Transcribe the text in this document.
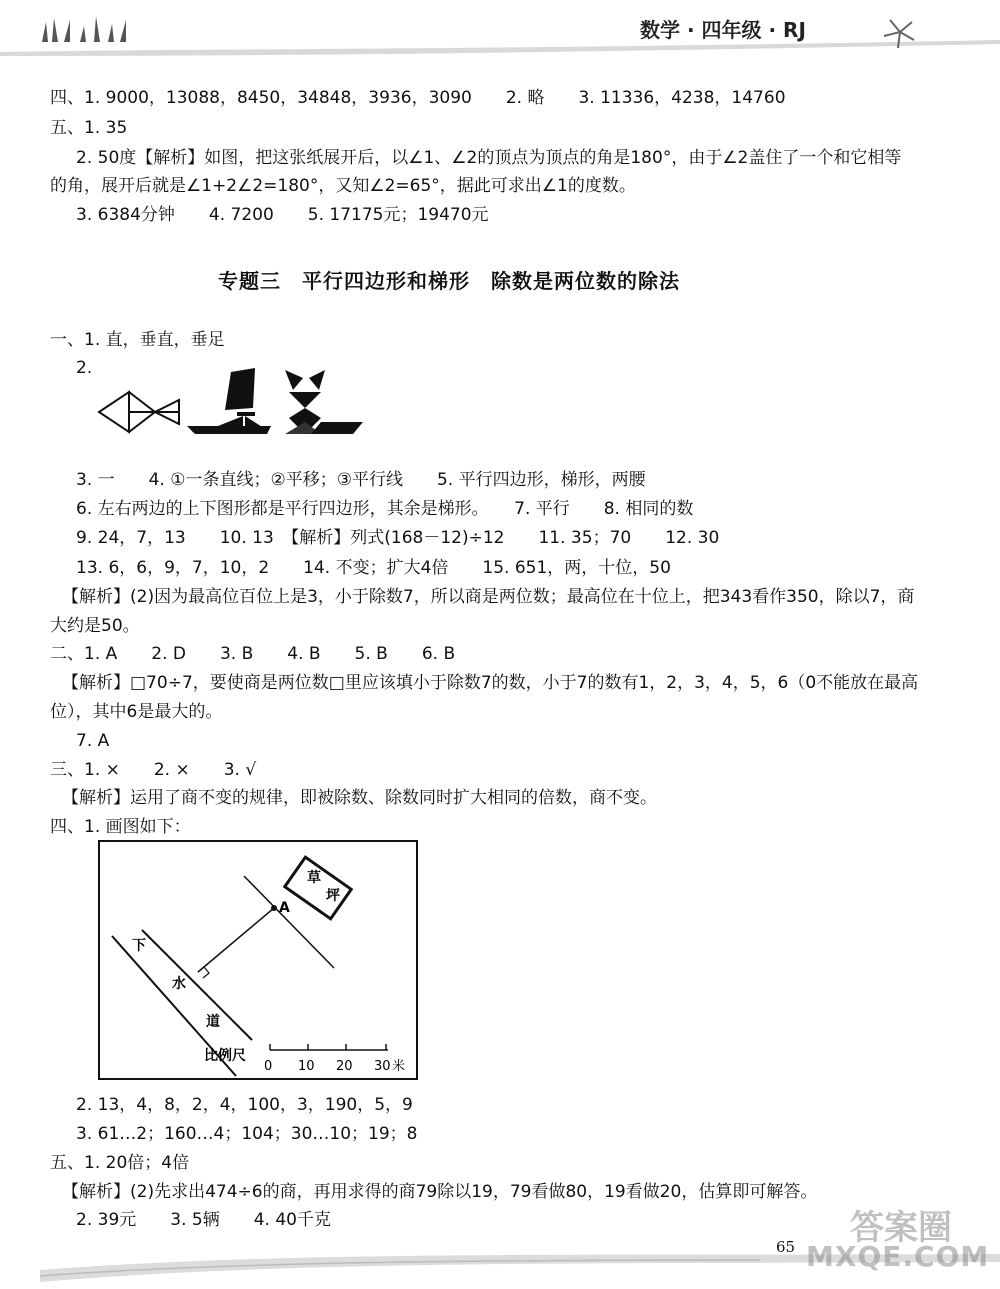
数学 · 四年级 · RJ
四、1. 9000，13088，8450，34848，3936，3090　　2. 略　　3. 11336，4238，14760
五、1. 35
2. 50度【解析】如图，把这张纸展开后，以∠1、∠2的顶点为顶点的角是180°，由于∠2盖住了一个和它相等
的角，展开后就是∠1+2∠2=180°，又知∠2=65°，据此可求出∠1的度数。
3. 6384分钟　　4. 7200　　5. 17175元；19470元
专题三　平行四边形和梯形　除数是两位数的除法
一、1. 直，垂直，垂足
2.
3. 一　　4. ①一条直线；②平移；③平行线　　5. 平行四边形，梯形，两腰
6. 左右两边的上下图形都是平行四边形，其余是梯形。　　7. 平行　　8. 相同的数
9. 24，7，13　　10. 13　【解析】列式(168－12)÷12　　11. 35；70　　12. 30
13. 6，6，9，7，10，2　　14. 不变；扩大4倍　　15. 651，两，十位，50
【解析】(2)因为最高位百位上是3，小于除数7，所以商是两位数；最高位在十位上，把343看作350，除以7，商
大约是50。
二、1. A　　2. D　　3. B　　4. B　　5. B　　6. B
【解析】□70÷7，要使商是两位数□里应该填小于除数7的数，小于7的数有1，2，3，4，5，6（0不能放在最高
位），其中6是最大的。
7. A
三、1. ×　　2. ×　　3. √
【解析】运用了商不变的规律，即被除数、除数同时扩大相同的倍数，商不变。
四、1. 画图如下：
草
坪
A
下
水
道
比例尺
0 10 20 30 米
2. 13，4，8，2，4，100，3，190，5，9
3. 61…2；160…4；104；30…10；19；8
五、1. 20倍；4倍
【解析】(2)先求出474÷6的商，再用求得的商79除以19，79看做80，19看做20，估算即可解答。
2. 39元　　3. 5辆　　4. 40千克
65 答案圈
MXQE.COM
